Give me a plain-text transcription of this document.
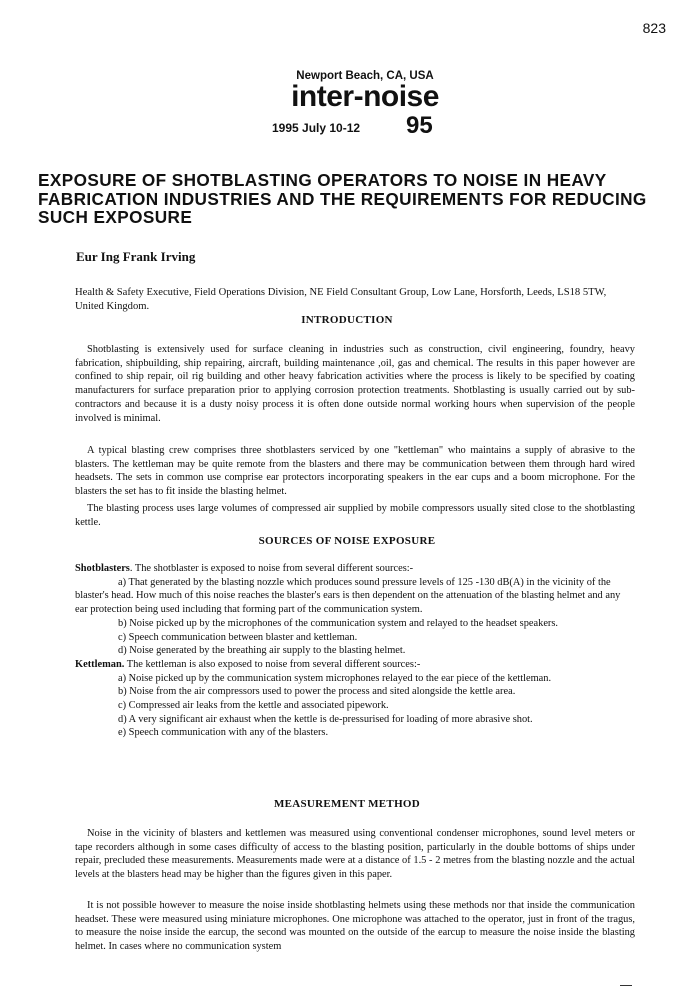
823
Newport Beach, CA, USA
inter-noise
1995 July 10-12 95
EXPOSURE OF SHOTBLASTING OPERATORS TO NOISE IN HEAVY FABRICATION INDUSTRIES AND THE REQUIREMENTS FOR REDUCING SUCH EXPOSURE
Eur Ing Frank Irving
Health & Safety Executive, Field Operations Division, NE Field Consultant Group, Low Lane, Horsforth, Leeds, LS18 5TW, United Kingdom.
INTRODUCTION

Shotblasting is extensively used for surface cleaning in industries such as construction, civil engineering, foundry, heavy fabrication, shipbuilding, ship repairing, aircraft, building maintenance ,oil, gas and chemical. The results in this paper however are confined to ship repair, oil rig building and other heavy fabrication activities where the process is likely to be specified by coating manufacturers for surface preparation prior to applying corrosion protection treatments. Shotblasting is usually carried out by sub-contractors and because it is a dusty noisy process it is often done outside normal working hours when supervision of the people involved is minimal.

A typical blasting crew comprises three shotblasters serviced by one "kettleman" who maintains a supply of abrasive to the blasters. The kettleman may be quite remote from the blasters and there may be communication between them through hard wired headsets. The sets in common use comprise ear protectors incorporating speakers in the ear cups and a boom microphone. For the blasters the set has to fit inside the blasting helmet.

The blasting process uses large volumes of compressed air supplied by mobile compressors usually sited close to the shotblasting kettle.

SOURCES OF NOISE EXPOSURE
Shotblasters. The shotblaster is exposed to noise from several different sources:-
a) That generated by the blasting nozzle which produces sound pressure levels of 125 -130 dB(A) in the vicinity of the blaster's head. How much of this noise reaches the blaster's ears is then dependent on the attenuation of the blasting helmet and any ear protection being used including that forming part of the communication system.
b) Noise picked up by the microphones of the communication system and relayed to the headset speakers.
c) Speech communication between blaster and kettleman.
d) Noise generated by the breathing air supply to the blasting helmet.
Kettleman. The kettleman is also exposed to noise from several different sources:-
a) Noise picked up by the communication system microphones relayed to the ear piece of the kettleman.
b) Noise from the air compressors used to power the process and sited alongside the kettle area.
c) Compressed air leaks from the kettle and associated pipework.
d) A very significant air exhaust when the kettle is de-pressurised for loading of more abrasive shot.
e) Speech communication with any of the blasters.
MEASUREMENT METHOD

Noise in the vicinity of blasters and kettlemen was measured using conventional condenser microphones, sound level meters or tape recorders although in some cases difficulty of access to the blasting position, particularly in the double bottoms of ships under repair, precluded these measurements. Measurements made were at a distance of 1.5 - 2 metres from the blasting nozzle and the actual levels at the blasters head may be higher than the figures given in this paper.

It is not possible however to measure the noise inside shotblasting helmets using these methods nor that inside the communication headset. These were measured using miniature microphones. One microphone was attached to the operator, just in front of the tragus, to measure the noise inside the earcup, the second was mounted on the outside of the earcup to measure the noise inside the blasting helmet. In cases where no communication system
